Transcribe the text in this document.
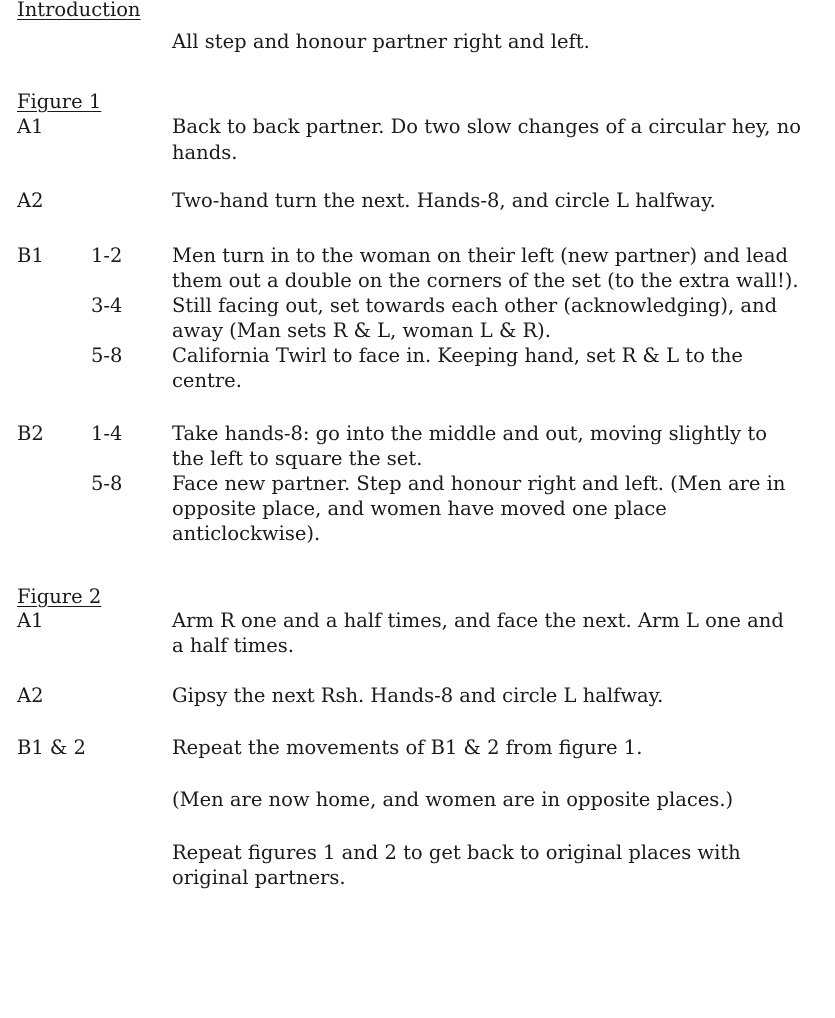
Introduction
All step and honour partner right and left.
Figure 1
A1	Back to back partner. Do two slow changes of a circular hey, no
hands.
A2	Two-hand turn the next. Hands-8, and circle L halfway.
B1 1-2	Men turn in to the woman on their left (new partner) and lead
them out a double on the corners of the set (to the extra wall!).
3-4	Still facing out, set towards each other (acknowledging), and
away (Man sets R & L, woman L & R).
5-8	California Twirl to face in. Keeping hand, set R & L to the
centre.
B2 1-4	Take hands-8: go into the middle and out, moving slightly to
the left to square the set.
5-8	Face new partner. Step and honour right and left. (Men are in
opposite place, and women have moved one place
anticlockwise).
Figure 2
A1	Arm R one and a half times, and face the next. Arm L one and
a half times.
A2	Gipsy the next Rsh. Hands-8 and circle L halfway.
B1 & 2	Repeat the movements of B1 & 2 from figure 1.
(Men are now home, and women are in opposite places.)
Repeat figures 1 and 2 to get back to original places with
original partners.
